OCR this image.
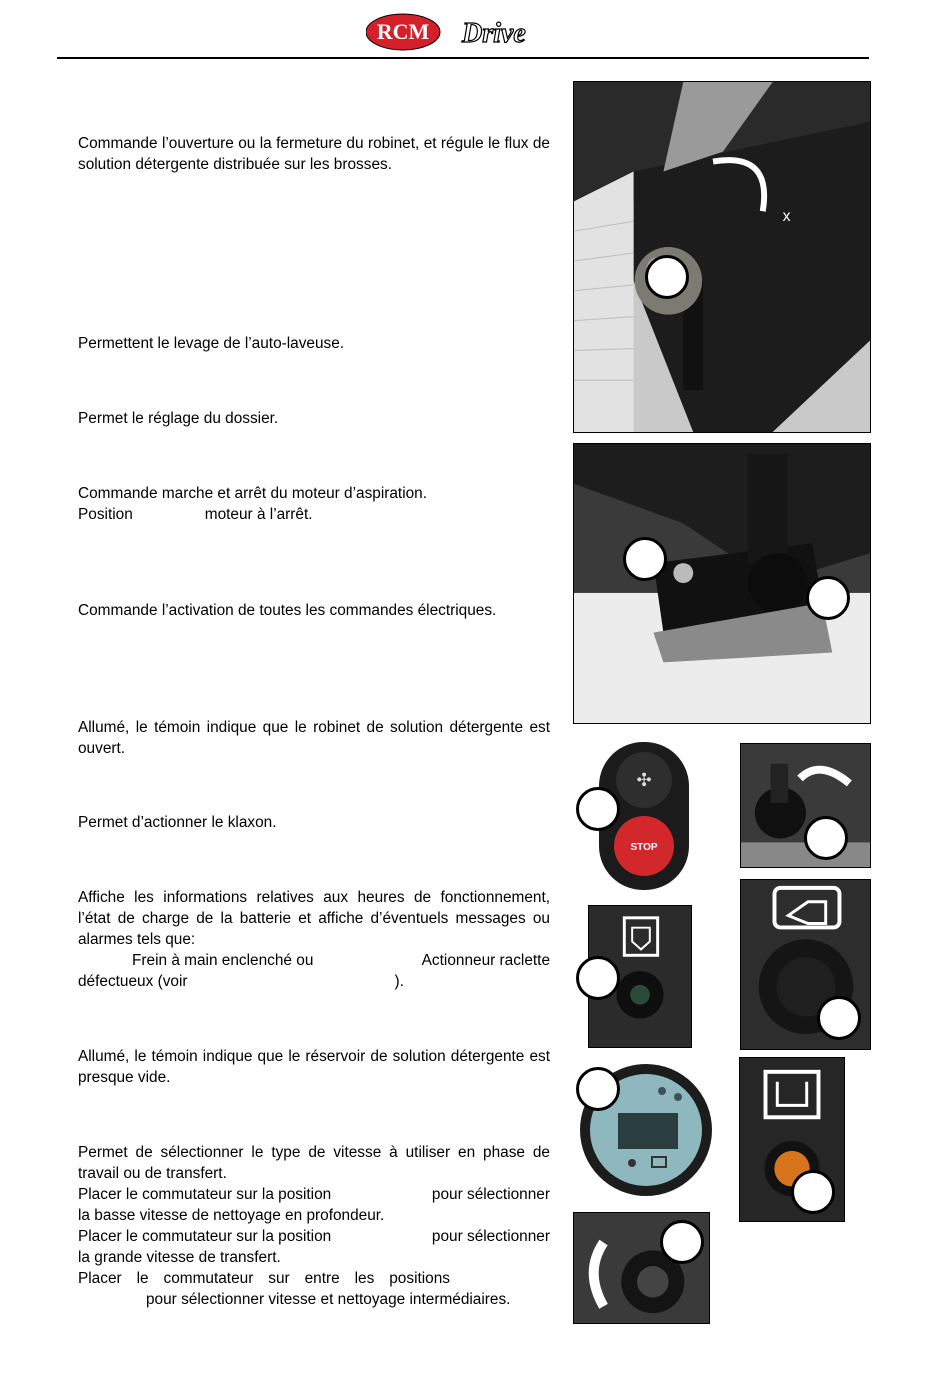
RCM Drive

Commande l’ouverture ou la fermeture du robinet, et régule le flux de solution détergente distribuée sur les brosses.

Permettent le levage de l’auto-laveuse.

Permet le réglage du dossier.

Commande marche et arrêt du moteur d’aspiration.

Position	moteur à l’arrêt.

Commande l’activation de toutes les commandes électriques.

Allumé, le témoin indique que le robinet de solution détergente est ouvert.

Permet d’actionner le klaxon.

Affiche les informations relatives aux heures de fonctionnement, l’état de charge de la batterie et affiche d’éventuels messages ou alarmes tels que:

Frein à main enclenché ou	Actionneur raclette

défectueux (voir	).

Allumé, le témoin indique que le réservoir de solution détergente est presque vide.

Permet de sélectionner le type de vitesse à utiliser en phase de travail ou de transfert.

Placer le commutateur sur la position	pour sélectionner

la basse vitesse de nettoyage en profondeur.

Placer le commutateur sur la position	pour sélectionner

la grande vitesse de transfert.

Placer le commutateur sur entre les positions

pour sélectionner vitesse et nettoyage intermédiaires.

x
✣
STOP
